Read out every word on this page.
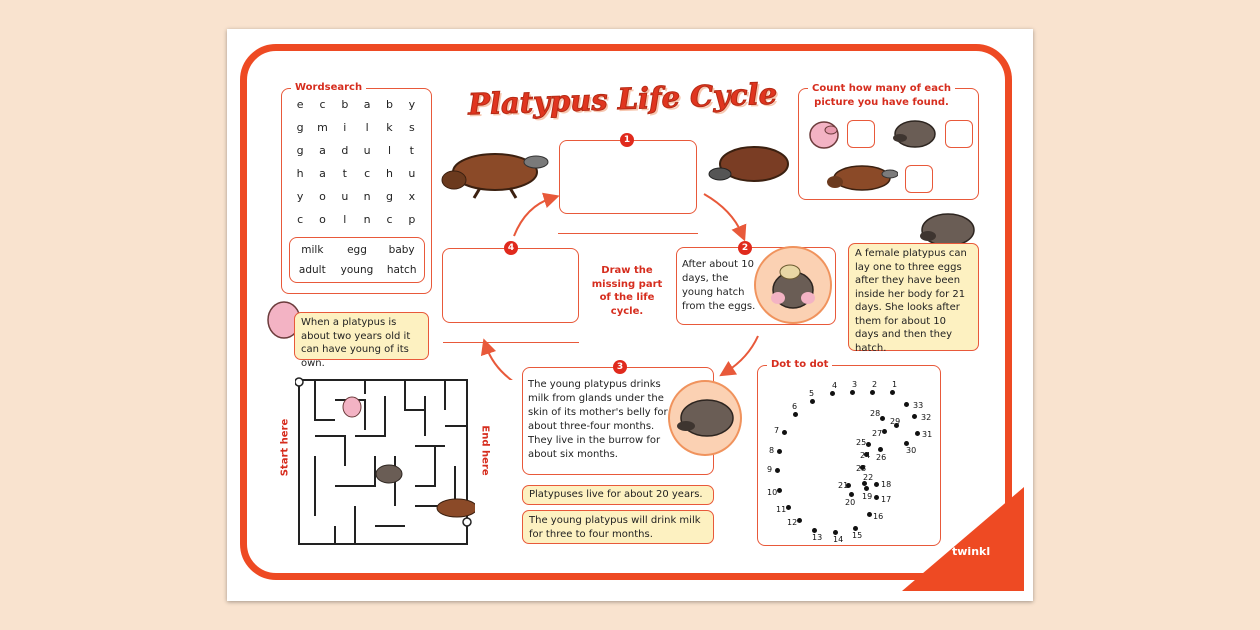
twinkl
Platypus Life Cycle
Wordsearch
e	c	b	a	b	y
g	m	i	l	k	s
g	a	d	u	l	t
h	a	t	c	h	u
y	o	u	n	g	x
c	o	l	n	c	p
milk	egg	baby
adult	young	hatch
Count how many of each
picture you have found.
1
2
After about 10 days, the young hatch from the eggs.
3
The young platypus drinks milk from glands under the skin of its mother's belly for about three-four months. They live in the burrow for about six months.
4
Draw the missing part of the life cycle.
A female platypus can lay one to three eggs after they have been inside her body for 21 days. She looks after them for about 10 days and then they hatch.
When a platypus is about two years old it can have young of its own.
Platypuses live for about 20 years.
The young platypus will drink milk for three to four months.
Start here	End here
Dot to dot
1
2
3
4
5
6
7
8
9
10
11
12
13 14 15
16
17
18
19
20
21
22
23
24
25
26
27
28
29
30
31
32
33
